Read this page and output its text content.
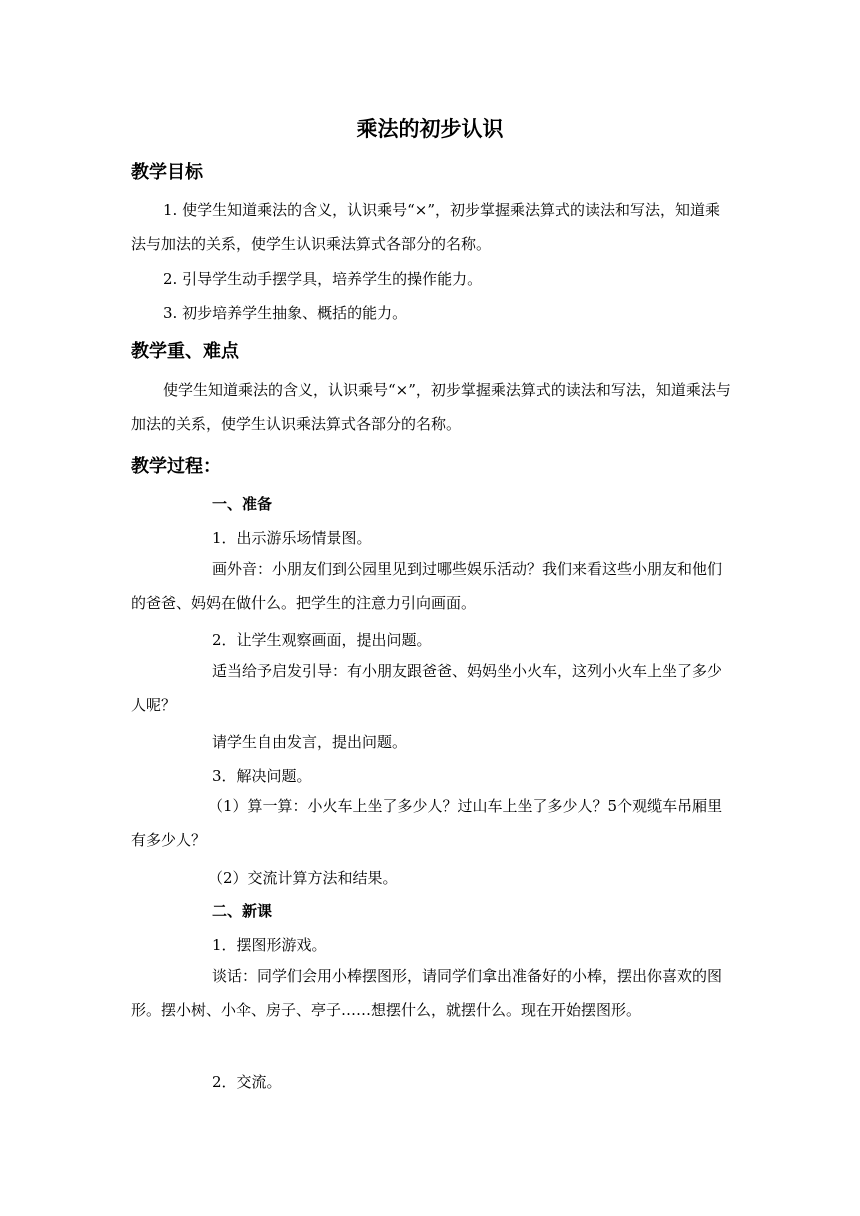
乘法的初步认识
教学目标

1. 使学生知道乘法的含义，认识乘号“×”，初步掌握乘法算式的读法和写法，知道乘法与加法的关系，使学生认识乘法算式各部分的名称。

2. 引导学生动手摆学具，培养学生的操作能力。

3. 初步培养学生抽象、概括的能力。

教学重、难点

使学生知道乘法的含义，认识乘号“×”，初步掌握乘法算式的读法和写法，知道乘法与加法的关系，使学生认识乘法算式各部分的名称。

教学过程：
一、准备
1．出示游乐场情景图。

画外音：小朋友们到公园里见到过哪些娱乐活动？我们来看这些小朋友和他们的爸爸、妈妈在做什么。把学生的注意力引向画面。

2．让学生观察画面，提出问题。

适当给予启发引导：有小朋友跟爸爸、妈妈坐小火车，这列小火车上坐了多少人呢？

请学生自由发言，提出问题。
3．解决问题。

（1）算一算：小火车上坐了多少人？过山车上坐了多少人？5个观缆车吊厢里有多少人？

（2）交流计算方法和结果。
二、新课
1．摆图形游戏。

谈话：同学们会用小棒摆图形，请同学们拿出准备好的小棒，摆出你喜欢的图形。摆小树、小伞、房子、亭子……想摆什么，就摆什么。现在开始摆图形。

2．交流。
